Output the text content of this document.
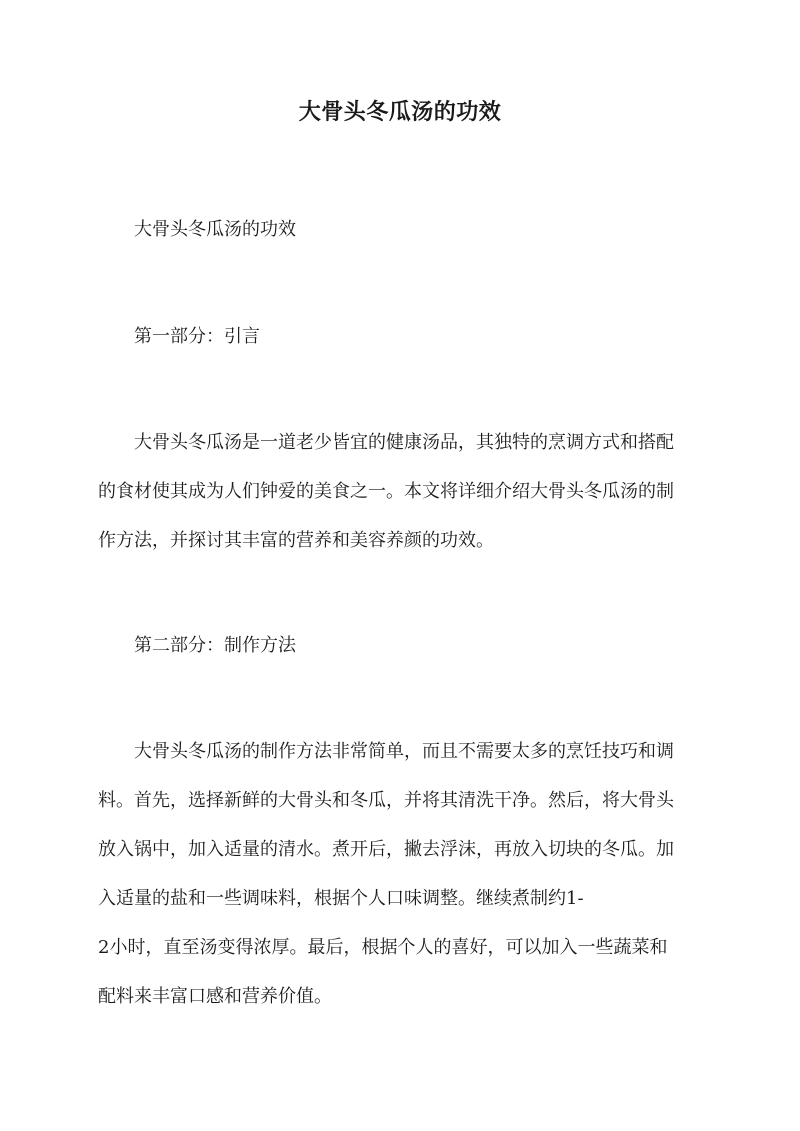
大骨头冬瓜汤的功效

大骨头冬瓜汤的功效

第一部分：引言

大骨头冬瓜汤是一道老少皆宜的健康汤品，其独特的烹调方式和搭配
的食材使其成为人们钟爱的美食之一。本文将详细介绍大骨头冬瓜汤的制
作方法，并探讨其丰富的营养和美容养颜的功效。

第二部分：制作方法

大骨头冬瓜汤的制作方法非常简单，而且不需要太多的烹饪技巧和调
料。首先，选择新鲜的大骨头和冬瓜，并将其清洗干净。然后，将大骨头
放入锅中，加入适量的清水。煮开后，撇去浮沫，再放入切块的冬瓜。加
入适量的盐和一些调味料，根据个人口味调整。继续煮制约1-
2小时，直至汤变得浓厚。最后，根据个人的喜好，可以加入一些蔬菜和
配料来丰富口感和营养价值。
